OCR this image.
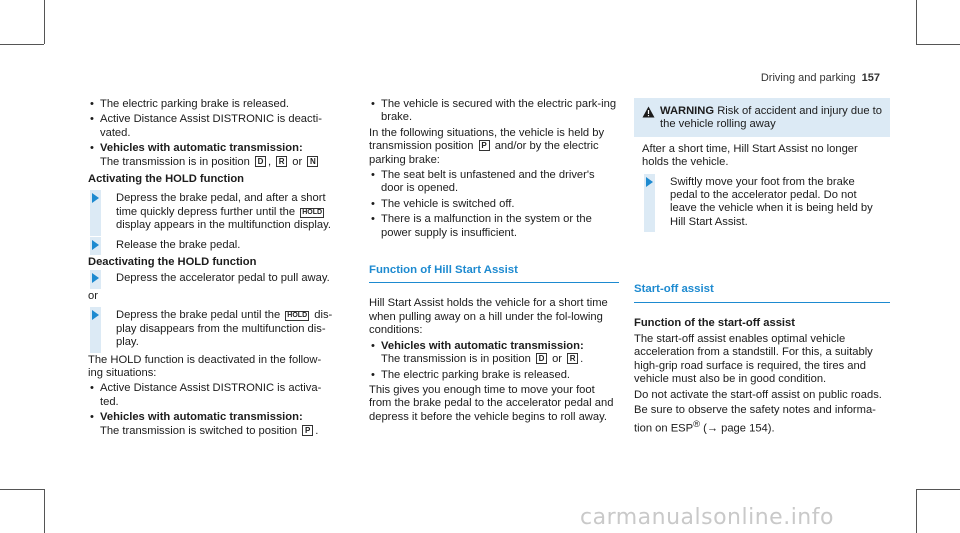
Driving and parking 157
• The electric parking brake is released.
• Active Distance Assist DISTRONIC is deacti-vated.
• Vehicles with automatic transmission:
The transmission is in position D , R or N
Activating the HOLD function
Depress the brake pedal, and after a short time quickly depress further until the HOLD display appears in the multifunction display.
Release the brake pedal.
Deactivating the HOLD function
Depress the accelerator pedal to pull away.

or

Depress the brake pedal until the HOLD dis-play disappears from the multifunction dis-play.

The HOLD function is deactivated in the follow-ing situations:

• Active Distance Assist DISTRONIC is activa-ted.
• Vehicles with automatic transmission:
The transmission is switched to position P .
• The vehicle is secured with the electric park-ing brake.

In the following situations, the vehicle is held by transmission position P and/or by the electric parking brake:

• The seat belt is unfastened and the driver's door is opened.
• The vehicle is switched off.
• There is a malfunction in the system or the power supply is insufficient.
Function of Hill Start Assist

Hill Start Assist holds the vehicle for a short time when pulling away on a hill under the fol-lowing conditions:

• Vehicles with automatic transmission:
The transmission is in position D or R .
• The electric parking brake is released.

This gives you enough time to move your foot from the brake pedal to the accelerator pedal and depress it before the vehicle begins to roll away.

WARNING Risk of accident and injury due to the vehicle rolling away

After a short time, Hill Start Assist no longer holds the vehicle.

Swiftly move your foot from the brake pedal to the accelerator pedal. Do not leave the vehicle when it is being held by Hill Start Assist.
Start-off assist
Function of the start-off assist

The start-off assist enables optimal vehicle acceleration from a standstill. For this, a suitably high-grip road surface is required, the tires and vehicle must also be in good condition.

Do not activate the start-off assist on public roads.

Be sure to observe the safety notes and informa-tion on ESP® (→ page 154).

carmanualsonline.info
